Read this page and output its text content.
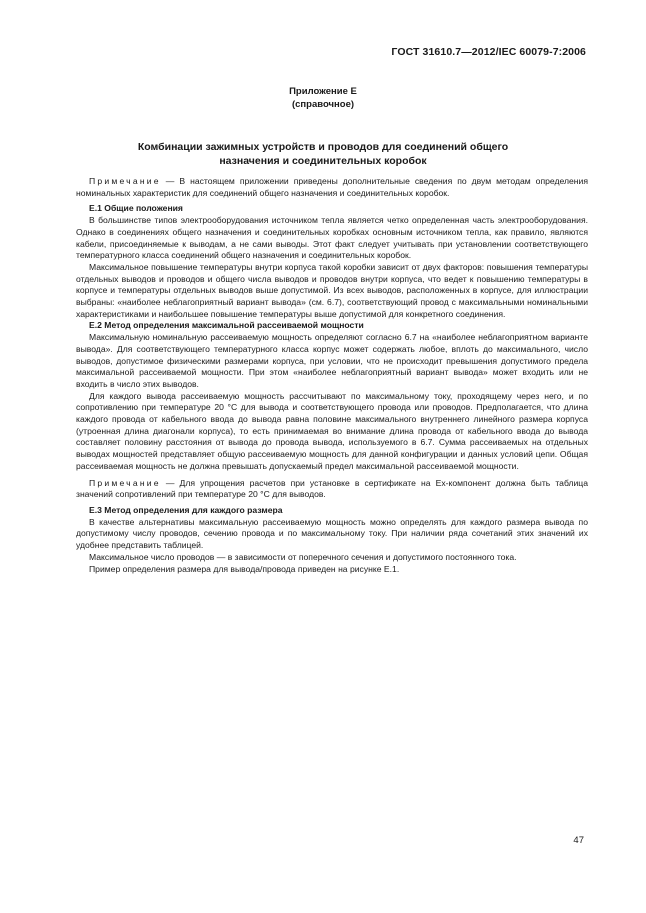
ГОСТ 31610.7—2012/IEC 60079-7:2006
Приложение Е
(справочное)
Комбинации зажимных устройств и проводов для соединений общего
назначения и соединительных коробок

Примечание — В настоящем приложении приведены дополнительные сведения по двум методам определения номинальных характеристик для соединений общего назначения и соединительных коробок.

Е.1 Общие положения

В большинстве типов электрооборудования источником тепла является четко определенная часть электрооборудования. Однако в соединениях общего назначения и соединительных коробках основным источником тепла, как правило, являются кабели, присоединяемые к выводам, а не сами выводы. Этот факт следует учитывать при установлении соответствующего температурного класса соединений общего назначения и соединительных коробок.

Максимальное повышение температуры внутри корпуса такой коробки зависит от двух факторов: повышения температуры отдельных выводов и проводов и общего числа выводов и проводов внутри корпуса, что ведет к повышению температуры в корпусе и температуры отдельных выводов выше допустимой. Из всех выводов, расположенных в корпусе, для иллюстрации выбраны: «наиболее неблагоприятный вариант вывода» (см. 6.7), соответствующий провод с максимальными номинальными характеристиками и наибольшее повышение температуры выше допустимой для конкретного соединения.

Е.2 Метод определения максимальной рассеиваемой мощности

Максимальную номинальную рассеиваемую мощность определяют согласно 6.7 на «наиболее неблагоприятном варианте вывода». Для соответствующего температурного класса корпус может содержать любое, вплоть до максимального, число выводов, допустимое физическими размерами корпуса, при условии, что не происходит превышения допустимого предела максимальной рассеиваемой мощности. При этом «наиболее неблагоприятный вариант вывода» может входить или не входить в число этих выводов.

Для каждого вывода рассеиваемую мощность рассчитывают по максимальному току, проходящему через него, и по сопротивлению при температуре 20 °С для вывода и соответствующего провода или проводов. Предполагается, что длина каждого провода от кабельного ввода до вывода равна половине максимального внутреннего линейного размера корпуса (утроенная длина диагонали корпуса), то есть принимаемая во внимание длина провода от кабельного ввода до вывода составляет половину расстояния от вывода до провода вывода, используемого в 6.7. Сумма рассеиваемых на отдельных выводах мощностей представляет общую рассеиваемую мощность для данной конфигурации и данных условий цепи. Общая рассеиваемая мощность не должна превышать допускаемый предел максимальной рассеиваемой мощности.

Примечание — Для упрощения расчетов при установке в сертификате на Ex-компонент должна быть таблица значений сопротивлений при температуре 20 °С для выводов.

Е.3 Метод определения для каждого размера

В качестве альтернативы максимальную рассеиваемую мощность можно определять для каждого размера вывода по допустимому числу проводов, сечению провода и по максимальному току. При наличии ряда сочетаний этих значений их удобнее представить таблицей.

Максимальное число проводов — в зависимости от поперечного сечения и допустимого постоянного тока.

Пример определения размера для вывода/провода приведен на рисунке Е.1.

47
